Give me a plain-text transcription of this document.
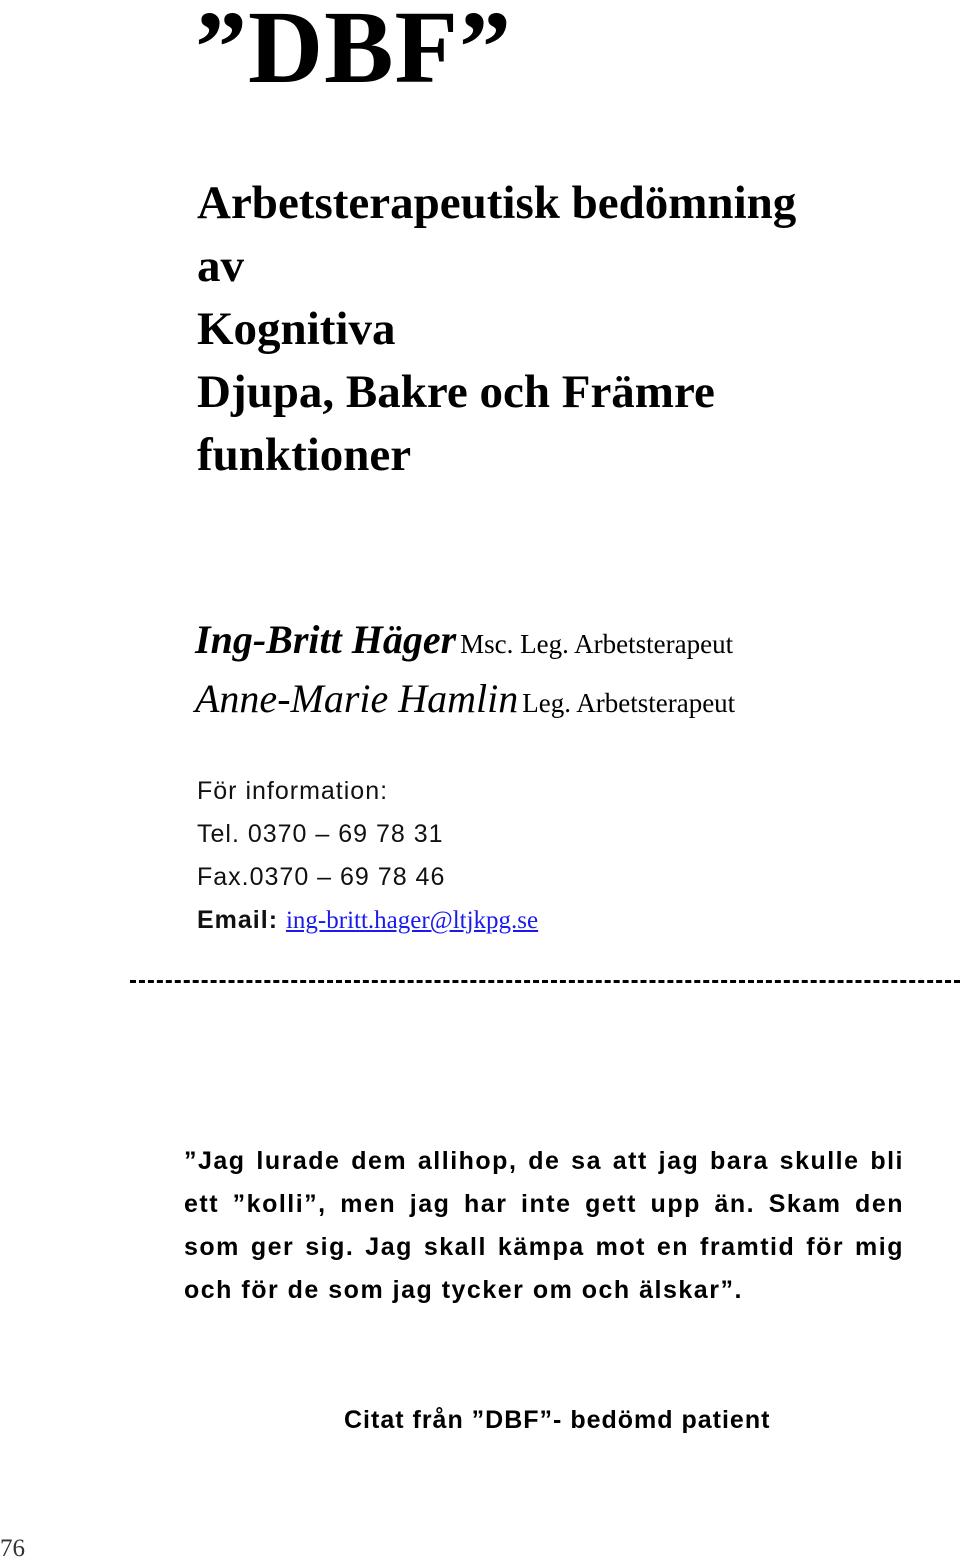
”DBF”
Arbetsterapeutisk bedömning
av
Kognitiva
Djupa, Bakre och Främre
funktioner
Ing-Britt Häger Msc. Leg. Arbetsterapeut
Anne-Marie Hamlin Leg. Arbetsterapeut
För information:
Tel. 0370 – 69 78 31
Fax.0370 – 69 78 46
Email: ing-britt.hager@ltjkpg.se

”Jag lurade dem allihop, de sa att jag bara skulle bli ett ”kolli”, men jag har inte gett upp än. Skam den som ger sig. Jag skall kämpa mot en framtid för mig och för de som jag tycker om och älskar”.

Citat från ”DBF”- bedömd patient
76
